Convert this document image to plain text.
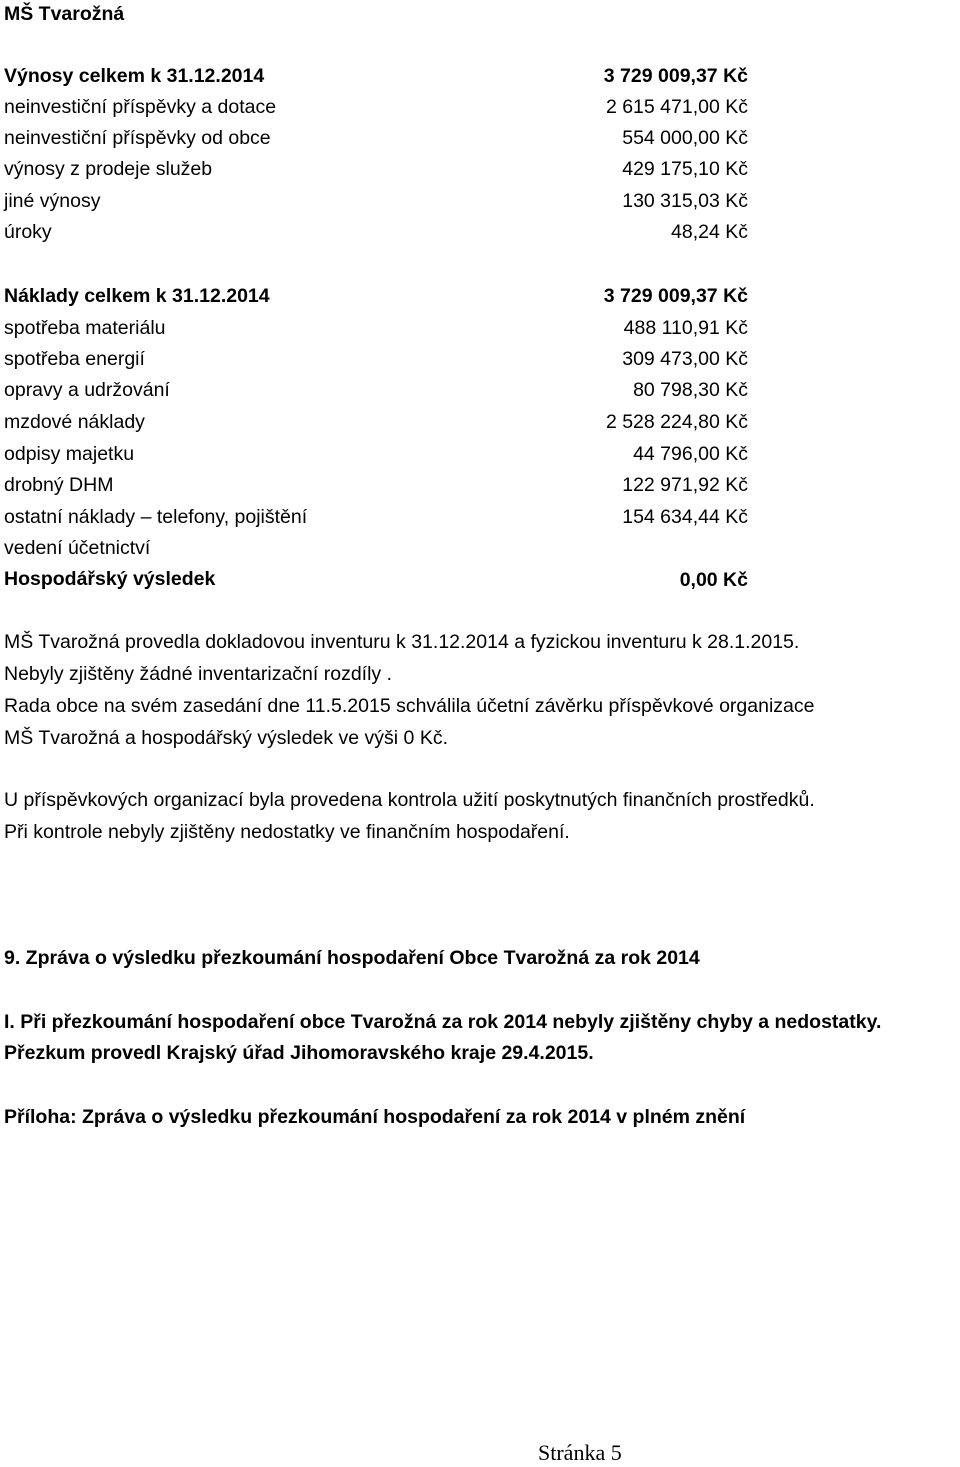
MŠ Tvarožná
Výnosy celkem k 31.12.2014	3 729 009,37 Kč
neinvestiční příspěvky a dotace	2 615 471,00 Kč
neinvestiční příspěvky od obce	554 000,00 Kč
výnosy z prodeje služeb	429 175,10 Kč
jiné výnosy	130 315,03 Kč
úroky	48,24 Kč
Náklady celkem k 31.12.2014	3 729 009,37 Kč
spotřeba materiálu	488 110,91 Kč
spotřeba energií	309 473,00 Kč
opravy a udržování	80 798,30 Kč
mzdové náklady	2 528 224,80 Kč
odpisy majetku	44 796,00 Kč
drobný DHM	122 971,92 Kč
ostatní náklady – telefony, pojištění	154 634,44 Kč
vedení účetnictví
Hospodářský výsledek	0,00 Kč
MŠ Tvarožná provedla dokladovou inventuru k 31.12.2014 a fyzickou inventuru k 28.1.2015.
Nebyly zjištěny žádné inventarizační rozdíly .
Rada obce na svém zasedání dne 11.5.2015 schválila účetní závěrku příspěvkové organizace
MŠ Tvarožná a hospodářský výsledek ve výši 0 Kč.
U příspěvkových organizací byla provedena kontrola užití poskytnutých finančních prostředků.
Při kontrole nebyly zjištěny nedostatky ve finančním hospodaření.
9. Zpráva o výsledku přezkoumání hospodaření Obce Tvarožná za rok 2014
I. Při přezkoumání hospodaření obce Tvarožná za rok 2014 nebyly zjištěny chyby a nedostatky.
Přezkum provedl Krajský úřad Jihomoravského kraje 29.4.2015.
Příloha: Zpráva o výsledku přezkoumání hospodaření za rok 2014 v plném znění
Stránka 5
